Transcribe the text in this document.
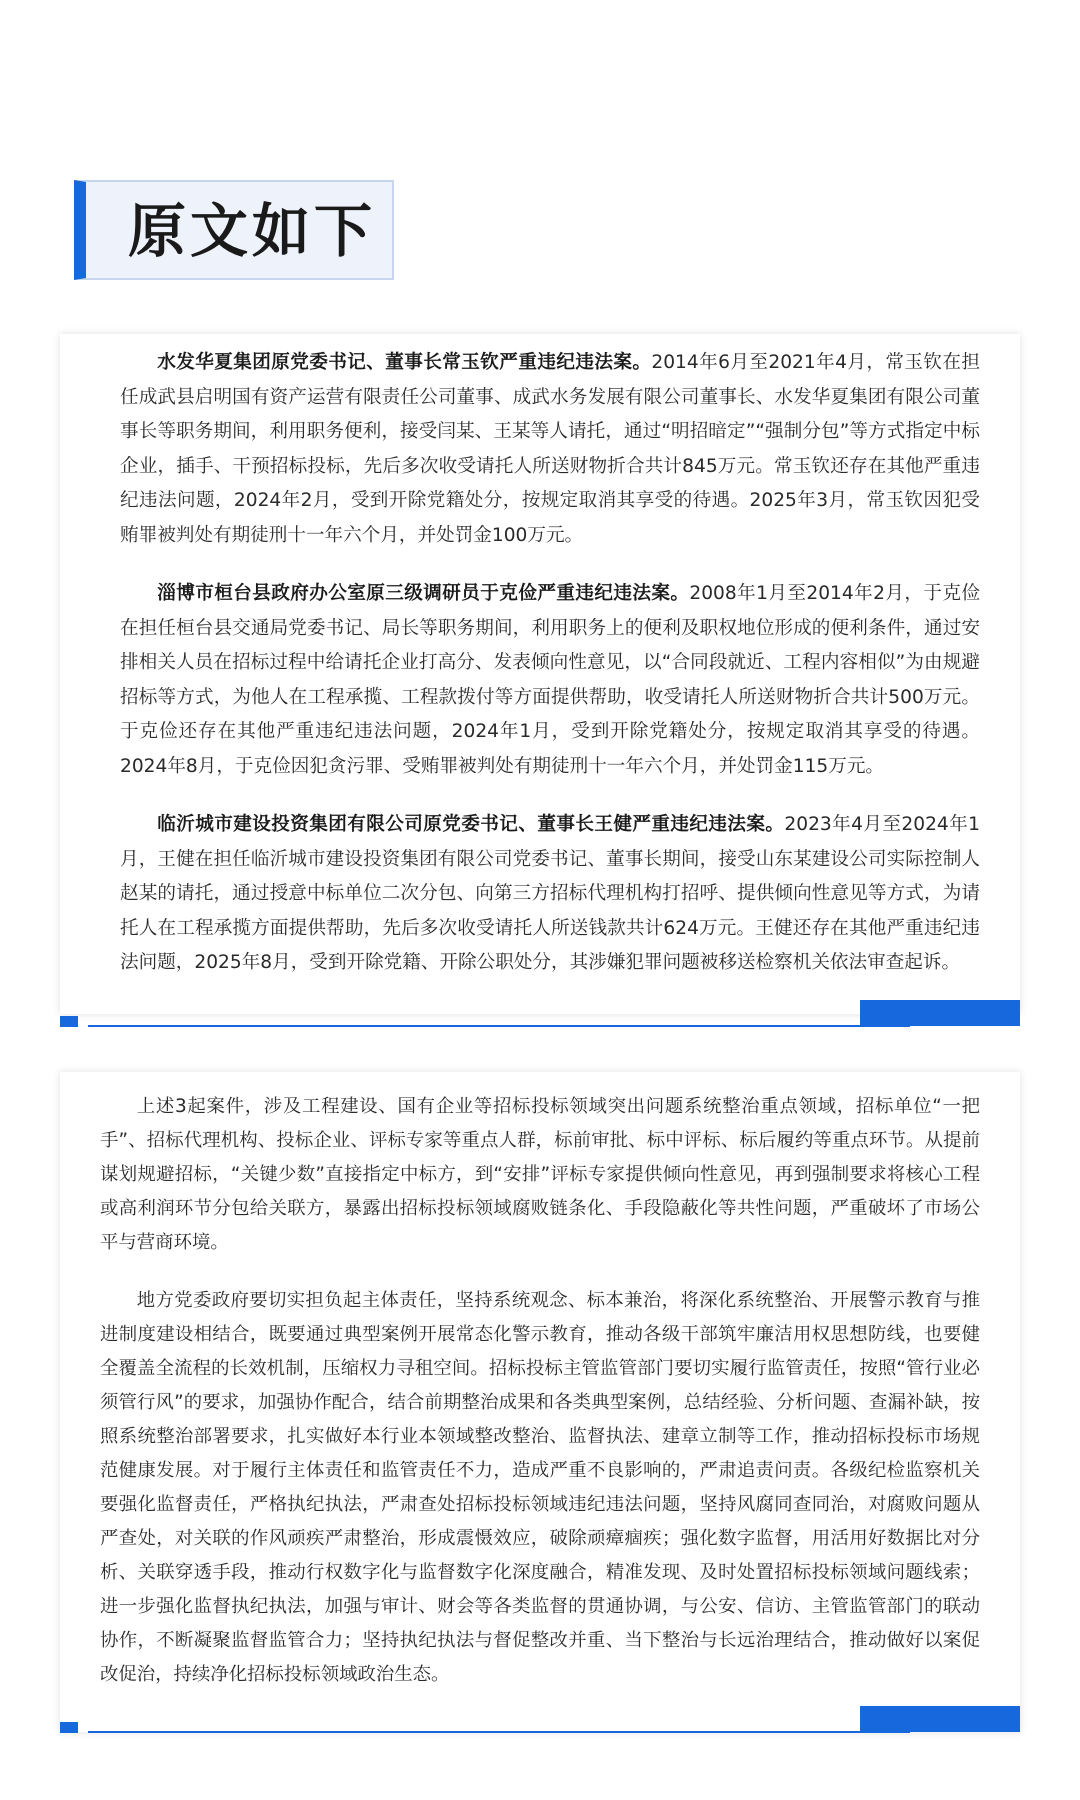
原文如下

水发华夏集团原党委书记、董事长常玉钦严重违纪违法案。2014年6月至2021年4月，常玉钦在担任成武县启明国有资产运营有限责任公司董事、成武水务发展有限公司董事长、水发华夏集团有限公司董事长等职务期间，利用职务便利，接受闫某、王某等人请托，通过“明招暗定”“强制分包”等方式指定中标企业，插手、干预招标投标，先后多次收受请托人所送财物折合共计845万元。常玉钦还存在其他严重违纪违法问题，2024年2月，受到开除党籍处分，按规定取消其享受的待遇。2025年3月，常玉钦因犯受贿罪被判处有期徒刑十一年六个月，并处罚金100万元。

淄博市桓台县政府办公室原三级调研员于克俭严重违纪违法案。2008年1月至2014年2月，于克俭在担任桓台县交通局党委书记、局长等职务期间，利用职务上的便利及职权地位形成的便利条件，通过安排相关人员在招标过程中给请托企业打高分、发表倾向性意见，以“合同段就近、工程内容相似”为由规避招标等方式，为他人在工程承揽、工程款拨付等方面提供帮助，收受请托人所送财物折合共计500万元。于克俭还存在其他严重违纪违法问题，2024年1月，受到开除党籍处分，按规定取消其享受的待遇。2024年8月，于克俭因犯贪污罪、受贿罪被判处有期徒刑十一年六个月，并处罚金115万元。

临沂城市建设投资集团有限公司原党委书记、董事长王健严重违纪违法案。2023年4月至2024年1月，王健在担任临沂城市建设投资集团有限公司党委书记、董事长期间，接受山东某建设公司实际控制人赵某的请托，通过授意中标单位二次分包、向第三方招标代理机构打招呼、提供倾向性意见等方式，为请托人在工程承揽方面提供帮助，先后多次收受请托人所送钱款共计624万元。王健还存在其他严重违纪违法问题，2025年8月，受到开除党籍、开除公职处分，其涉嫌犯罪问题被移送检察机关依法审查起诉。

上述3起案件，涉及工程建设、国有企业等招标投标领域突出问题系统整治重点领域，招标单位“一把手”、招标代理机构、投标企业、评标专家等重点人群，标前审批、标中评标、标后履约等重点环节。从提前谋划规避招标，“关键少数”直接指定中标方，到“安排”评标专家提供倾向性意见，再到强制要求将核心工程或高利润环节分包给关联方，暴露出招标投标领域腐败链条化、手段隐蔽化等共性问题，严重破坏了市场公平与营商环境。

地方党委政府要切实担负起主体责任，坚持系统观念、标本兼治，将深化系统整治、开展警示教育与推进制度建设相结合，既要通过典型案例开展常态化警示教育，推动各级干部筑牢廉洁用权思想防线，也要健全覆盖全流程的长效机制，压缩权力寻租空间。招标投标主管监管部门要切实履行监管责任，按照“管行业必须管行风”的要求，加强协作配合，结合前期整治成果和各类典型案例，总结经验、分析问题、查漏补缺，按照系统整治部署要求，扎实做好本行业本领域整改整治、监督执法、建章立制等工作，推动招标投标市场规范健康发展。对于履行主体责任和监管责任不力，造成严重不良影响的，严肃追责问责。各级纪检监察机关要强化监督责任，严格执纪执法，严肃查处招标投标领域违纪违法问题，坚持风腐同查同治，对腐败问题从严查处，对关联的作风顽疾严肃整治，形成震慑效应，破除顽瘴痼疾；强化数字监督，用活用好数据比对分析、关联穿透手段，推动行权数字化与监督数字化深度融合，精准发现、及时处置招标投标领域问题线索；进一步强化监督执纪执法，加强与审计、财会等各类监督的贯通协调，与公安、信访、主管监管部门的联动协作，不断凝聚监督监管合力；坚持执纪执法与督促整改并重、当下整治与长远治理结合，推动做好以案促改促治，持续净化招标投标领域政治生态。
